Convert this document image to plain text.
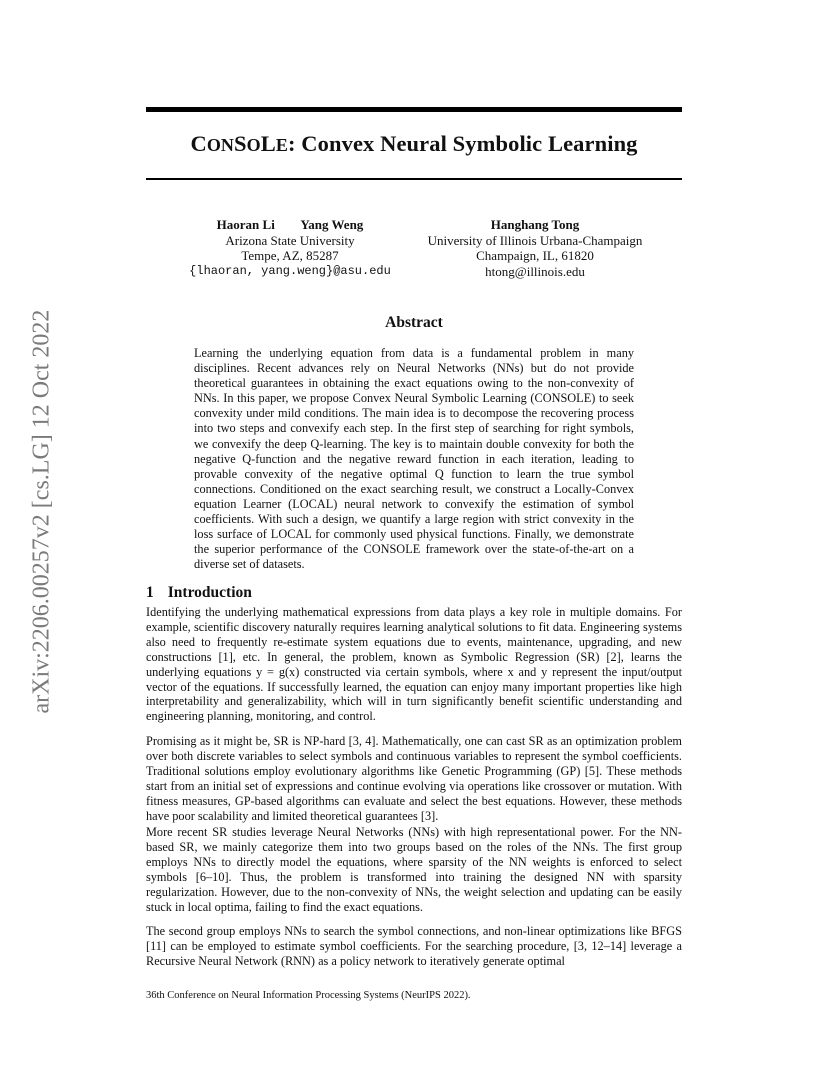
arXiv:2206.00257v2 [cs.LG] 12 Oct 2022
CONSOLE: Convex Neural Symbolic Learning
Haoran Li        Yang Weng
Arizona State University
Tempe, AZ, 85287
{lhaoran, yang.weng}@asu.edu
Hanghang Tong
University of Illinois Urbana-Champaign
Champaign, IL, 61820
htong@illinois.edu
Abstract
Learning the underlying equation from data is a fundamental problem in many disciplines. Recent advances rely on Neural Networks (NNs) but do not provide theoretical guarantees in obtaining the exact equations owing to the non-convexity of NNs. In this paper, we propose Convex Neural Symbolic Learning (CONSOLE) to seek convexity under mild conditions. The main idea is to decompose the recovering process into two steps and convexify each step. In the first step of searching for right symbols, we convexify the deep Q-learning. The key is to maintain double convexity for both the negative Q-function and the negative reward function in each iteration, leading to provable convexity of the negative optimal Q function to learn the true symbol connections. Conditioned on the exact searching result, we construct a Locally-Convex equation Learner (LOCAL) neural network to convexify the estimation of symbol coefficients. With such a design, we quantify a large region with strict convexity in the loss surface of LOCAL for commonly used physical functions. Finally, we demonstrate the superior performance of the CONSOLE framework over the state-of-the-art on a diverse set of datasets.
1 Introduction
Identifying the underlying mathematical expressions from data plays a key role in multiple domains. For example, scientific discovery naturally requires learning analytical solutions to fit data. Engineering systems also need to frequently re-estimate system equations due to events, maintenance, upgrading, and new constructions [1], etc. In general, the problem, known as Symbolic Regression (SR) [2], learns the underlying equations y = g(x) constructed via certain symbols, where x and y represent the input/output vector of the equations. If successfully learned, the equation can enjoy many important properties like high interpretability and generalizability, which will in turn significantly benefit scientific understanding and engineering planning, monitoring, and control.
Promising as it might be, SR is NP-hard [3, 4]. Mathematically, one can cast SR as an optimization problem over both discrete variables to select symbols and continuous variables to represent the symbol coefficients. Traditional solutions employ evolutionary algorithms like Genetic Programming (GP) [5]. These methods start from an initial set of expressions and continue evolving via operations like crossover or mutation. With fitness measures, GP-based algorithms can evaluate and select the best equations. However, these methods have poor scalability and limited theoretical guarantees [3].
More recent SR studies leverage Neural Networks (NNs) with high representational power. For the NN-based SR, we mainly categorize them into two groups based on the roles of the NNs. The first group employs NNs to directly model the equations, where sparsity of the NN weights is enforced to select symbols [6–10]. Thus, the problem is transformed into training the designed NN with sparsity regularization. However, due to the non-convexity of NNs, the weight selection and updating can be easily stuck in local optima, failing to find the exact equations.
The second group employs NNs to search the symbol connections, and non-linear optimizations like BFGS [11] can be employed to estimate symbol coefficients. For the searching procedure, [3, 12–14] leverage a Recursive Neural Network (RNN) as a policy network to iteratively generate optimal
36th Conference on Neural Information Processing Systems (NeurIPS 2022).
